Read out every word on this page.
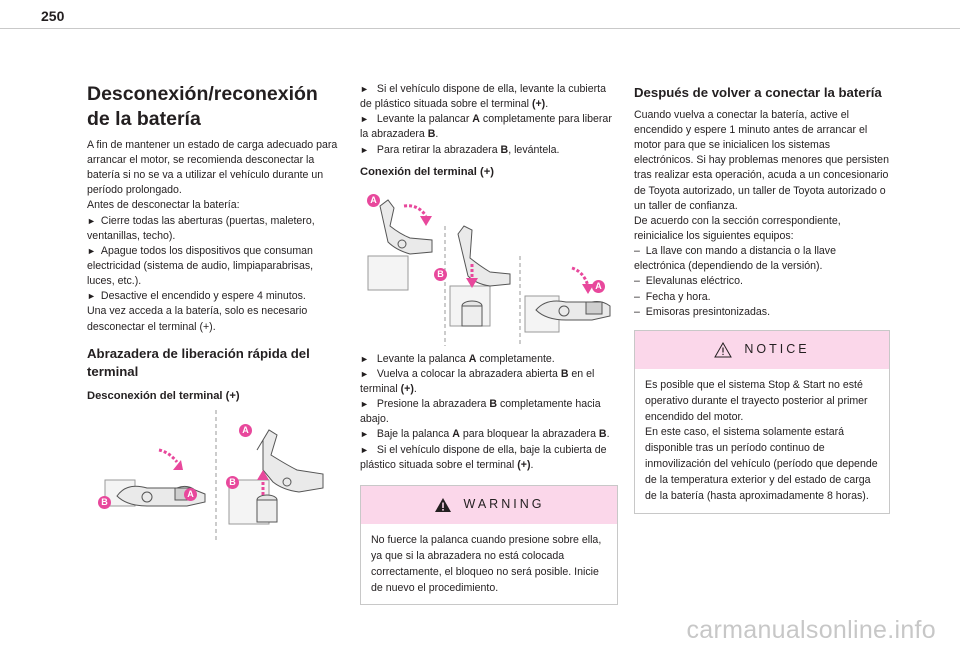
250
Desconexión/reconexión de la batería
A fin de mantener un estado de carga adecuado para arrancar el motor, se recomienda desconectar la batería si no se va a utilizar el vehículo durante un período prolongado.
Antes de desconectar la batería:
►  Cierre todas las aberturas (puertas, maletero, ventanillas, techo).
►  Apague todos los dispositivos que consuman electricidad (sistema de audio, limpiaparabrisas, luces, etc.).
►  Desactive el encendido y espere 4 minutos.
Una vez acceda a la batería, solo es necesario desconectar el terminal (+).
Abrazadera de liberación rápida del terminal
Desconexión del terminal (+)
A
B
A
B
►  Si el vehículo dispone de ella, levante la cubierta de plástico situada sobre el terminal (+).
►  Levante la palancar A completamente para liberar la abrazadera B.
►  Para retirar la abrazadera B, levántela.
Conexión del terminal (+)
A
B
A
►  Levante la palanca A completamente.
►  Vuelva a colocar la abrazadera abierta B en el terminal (+).
►  Presione la abrazadera B completamente hacia abajo.
►  Baje la palanca A para bloquear la abrazadera B.
►  Si el vehículo dispone de ella, baje la cubierta de plástico situada sobre el terminal (+).
WARNING
No fuerce la palanca cuando presione sobre ella, ya que si la abrazadera no está colocada correctamente, el bloqueo no será posible. Inicie de nuevo el procedimiento.
Después de volver a conectar la batería
Cuando vuelva a conectar la batería, active el encendido y espere 1 minuto antes de arrancar el motor para que se inicialicen los sistemas electrónicos. Si hay problemas menores que persisten tras realizar esta operación, acuda a un concesionario de Toyota autorizado, un taller de Toyota autorizado o un taller de confianza.
De acuerdo con la sección correspondiente, reinicialice los siguientes equipos:
–  La llave con mando a distancia o la llave electrónica (dependiendo de la versión).
–  Elevalunas eléctrico.
–  Fecha y hora.
–  Emisoras presintonizadas.
NOTICE
Es posible que el sistema Stop & Start no esté operativo durante el trayecto posterior al primer encendido del motor.
En este caso, el sistema solamente estará disponible tras un período continuo de inmovilización del vehículo (período que depende de la temperatura exterior y del estado de carga de la batería (hasta aproximadamente 8 horas).
carmanualsonline.info
